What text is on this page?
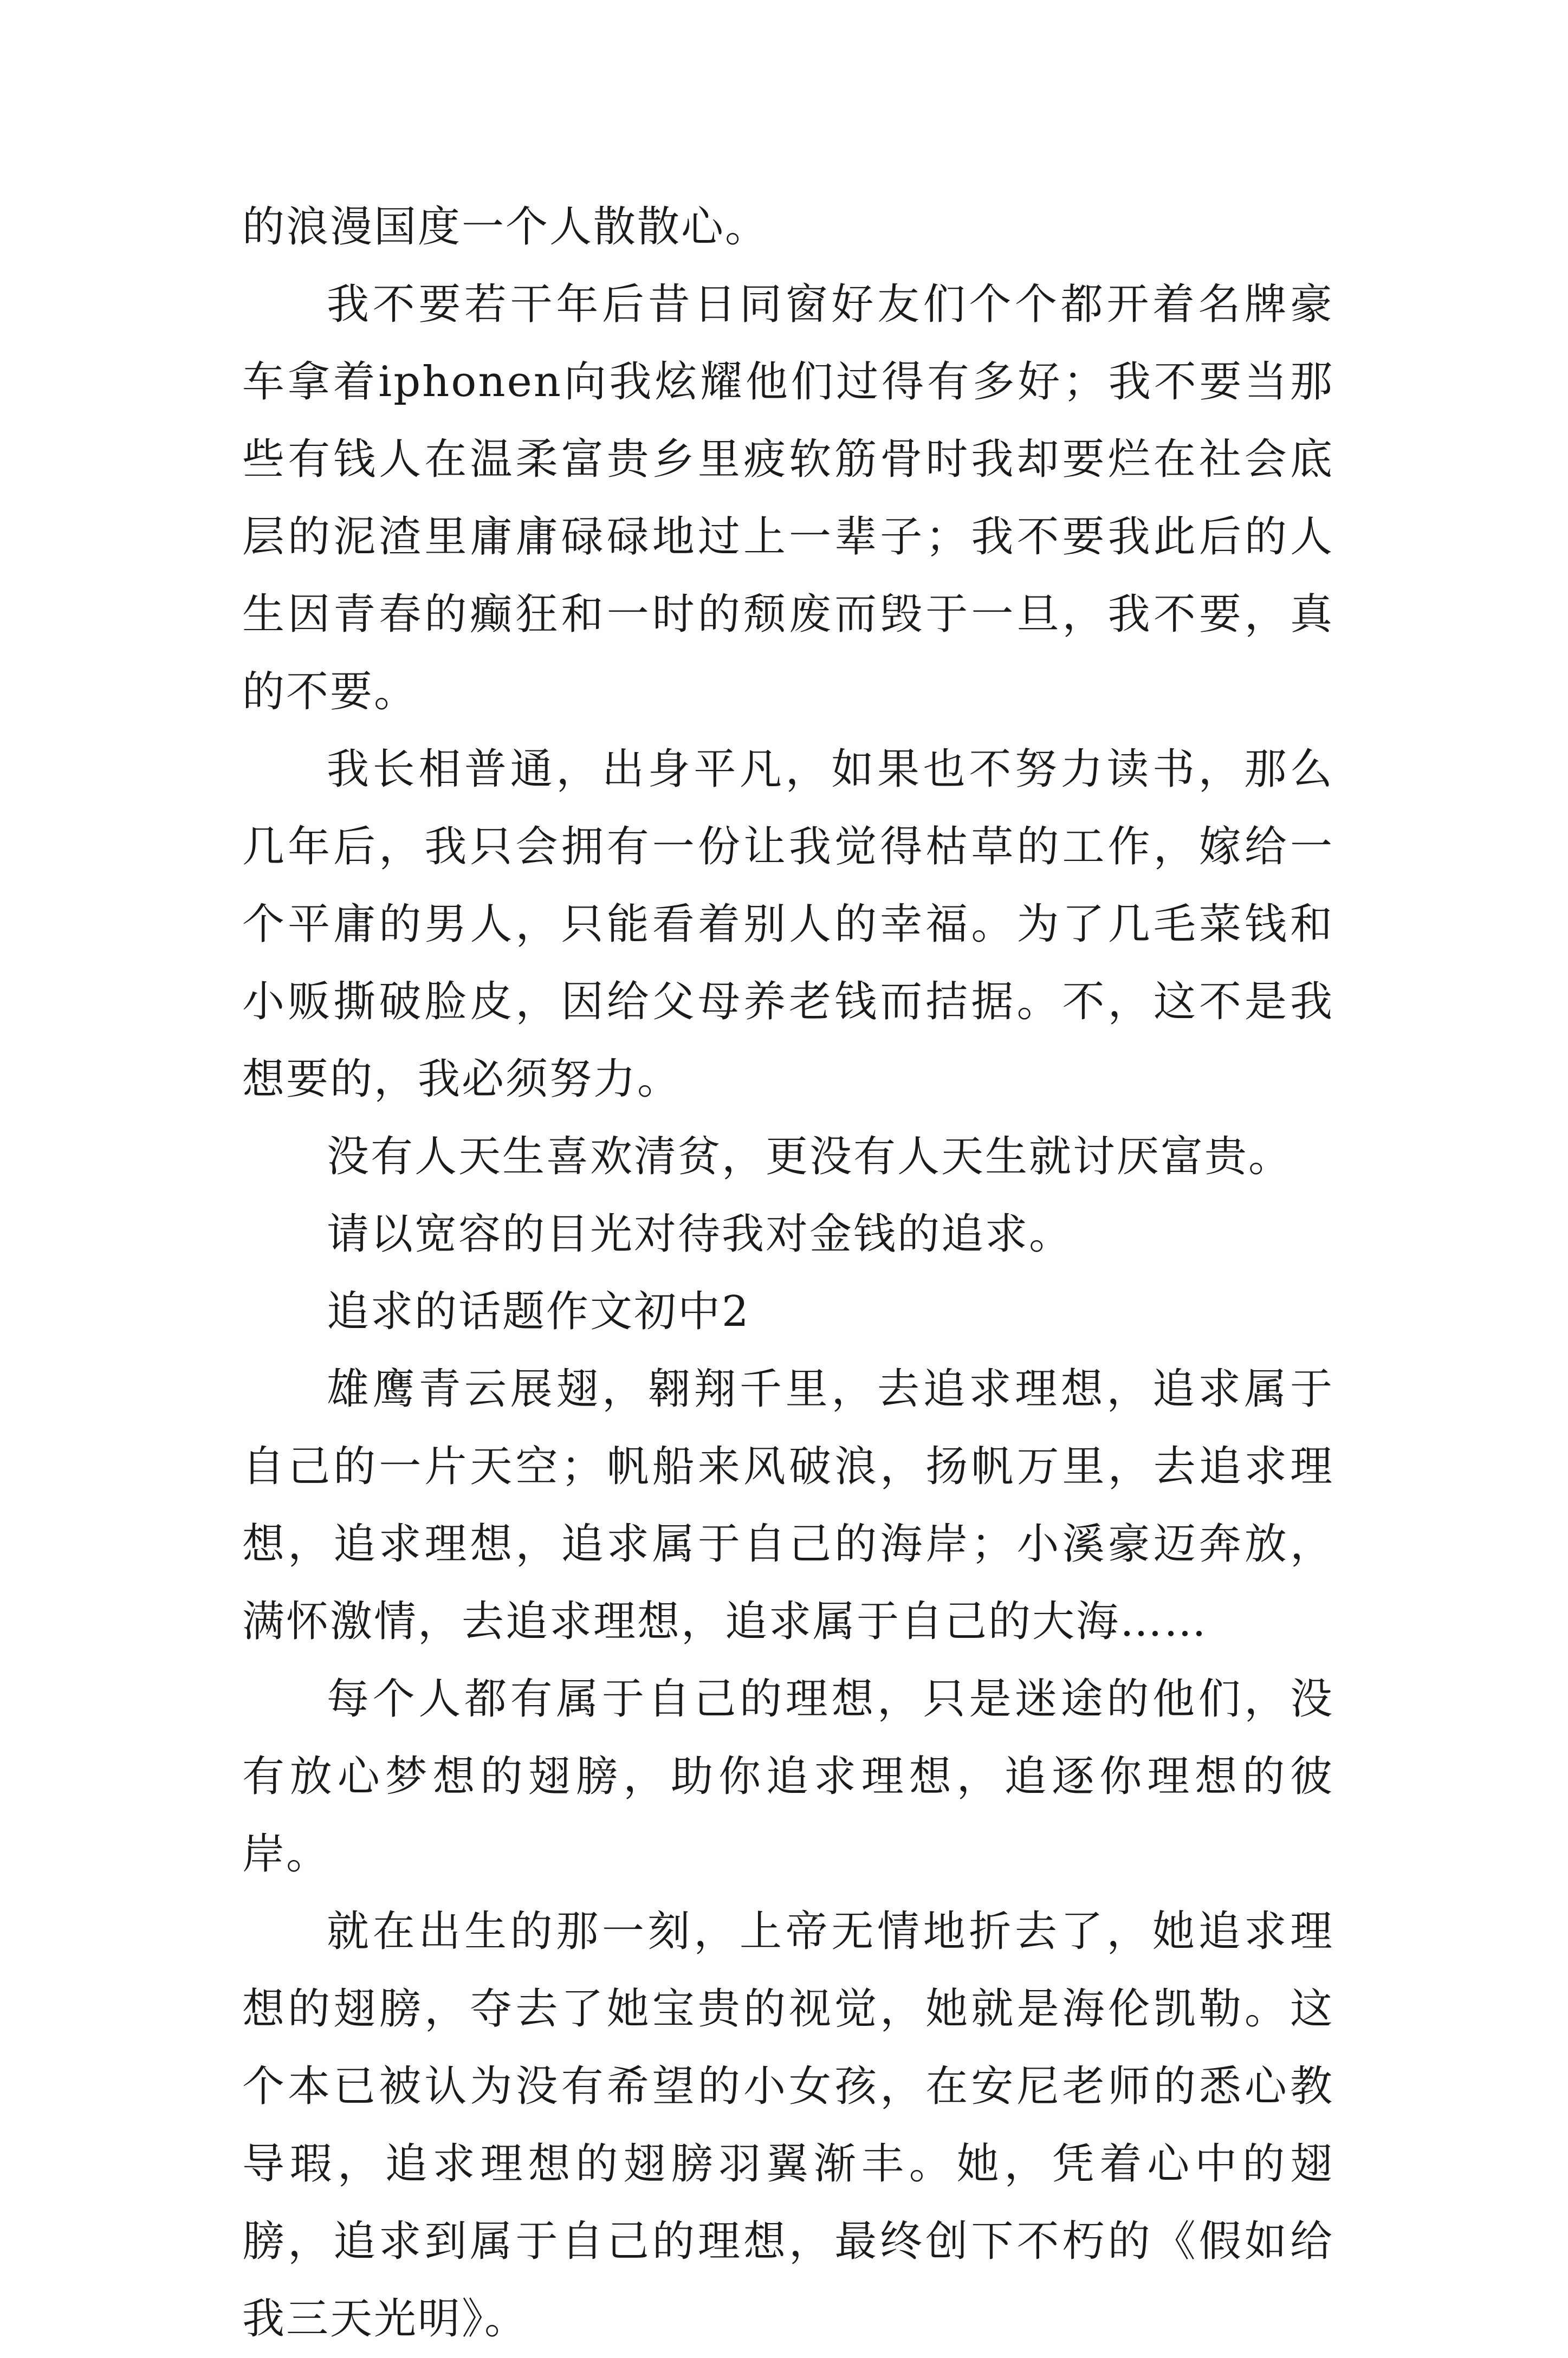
的浪漫国度一个人散散心。

我不要若干年后昔日同窗好友们个个都开着名牌豪车拿着iphonen向我炫耀他们过得有多好；我不要当那些有钱人在温柔富贵乡里疲软筋骨时我却要烂在社会底层的泥渣里庸庸碌碌地过上一辈子；我不要我此后的人生因青春的癫狂和一时的颓废而毁于一旦，我不要，真的不要。

我长相普通，出身平凡，如果也不努力读书，那么几年后，我只会拥有一份让我觉得枯草的工作，嫁给一个平庸的男人，只能看着别人的幸福。为了几毛菜钱和小贩撕破脸皮，因给父母养老钱而拮据。不，这不是我想要的，我必须努力。

没有人天生喜欢清贫，更没有人天生就讨厌富贵。

请以宽容的目光对待我对金钱的追求。

追求的话题作文初中2

雄鹰青云展翅，翱翔千里，去追求理想，追求属于自己的一片天空；帆船来风破浪，扬帆万里，去追求理想，追求理想，追求属于自己的海岸；小溪豪迈奔放，满怀激情，去追求理想，追求属于自己的大海……

每个人都有属于自己的理想，只是迷途的他们，没有放心梦想的翅膀，助你追求理想，追逐你理想的彼岸。

就在出生的那一刻，上帝无情地折去了，她追求理想的翅膀，夺去了她宝贵的视觉，她就是海伦凯勒。这个本已被认为没有希望的小女孩，在安尼老师的悉心教导瑕，追求理想的翅膀羽翼渐丰。她，凭着心中的翅膀，追求到属于自己的理想，最终创下不朽的《假如给我三天光明》。
